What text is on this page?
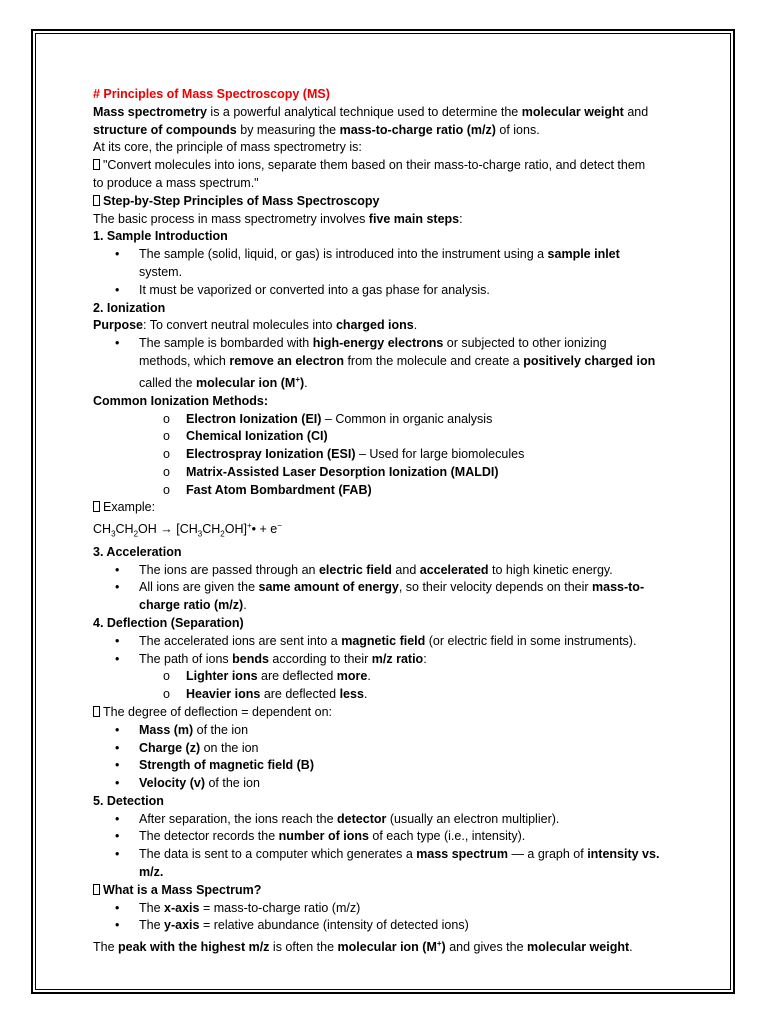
# Principles of Mass Spectroscopy (MS)

Mass spectrometry is a powerful analytical technique used to determine the molecular weight and

structure of compounds by measuring the mass-to-charge ratio (m/z) of ions.

At its core, the principle of mass spectrometry is:

"Convert molecules into ions, separate them based on their mass-to-charge ratio, and detect them

to produce a mass spectrum."

Step-by-Step Principles of Mass Spectroscopy

The basic process in mass spectrometry involves five main steps:

1. Sample Introduction

• The sample (solid, liquid, or gas) is introduced into the instrument using a sample inlet
system.
• It must be vaporized or converted into a gas phase for analysis.

2. Ionization

Purpose: To convert neutral molecules into charged ions.

• The sample is bombarded with high-energy electrons or subjected to other ionizing
methods, which remove an electron from the molecule and create a positively charged ion
called the molecular ion (M+).

Common Ionization Methods:

o Electron Ionization (EI) – Common in organic analysis
o Chemical Ionization (CI)
o Electrospray Ionization (ESI) – Used for large biomolecules
o Matrix-Assisted Laser Desorption Ionization (MALDI)
o Fast Atom Bombardment (FAB)

Example:

$CH_3CH_2OH$ → $[CH_3CH_2OH]^+• + e^-$

3. Acceleration

• The ions are passed through an electric field and accelerated to high kinetic energy.
• All ions are given the same amount of energy, so their velocity depends on their mass-to-
charge ratio (m/z).

4. Deflection (Separation)

• The accelerated ions are sent into a magnetic field (or electric field in some instruments).
• The path of ions bends according to their m/z ratio:
o Lighter ions are deflected more.
o Heavier ions are deflected less.

The degree of deflection = dependent on:

• Mass (m) of the ion
• Charge (z) on the ion
• Strength of magnetic field (B)
• Velocity (v) of the ion

5. Detection

• After separation, the ions reach the detector (usually an electron multiplier).
• The detector records the number of ions of each type (i.e., intensity).
• The data is sent to a computer which generates a mass spectrum — a graph of intensity vs.
m/z.

What is a Mass Spectrum?

• The x-axis = mass-to-charge ratio (m/z)
• The y-axis = relative abundance (intensity of detected ions)

The peak with the highest m/z is often the molecular ion (M+) and gives the molecular weight.
